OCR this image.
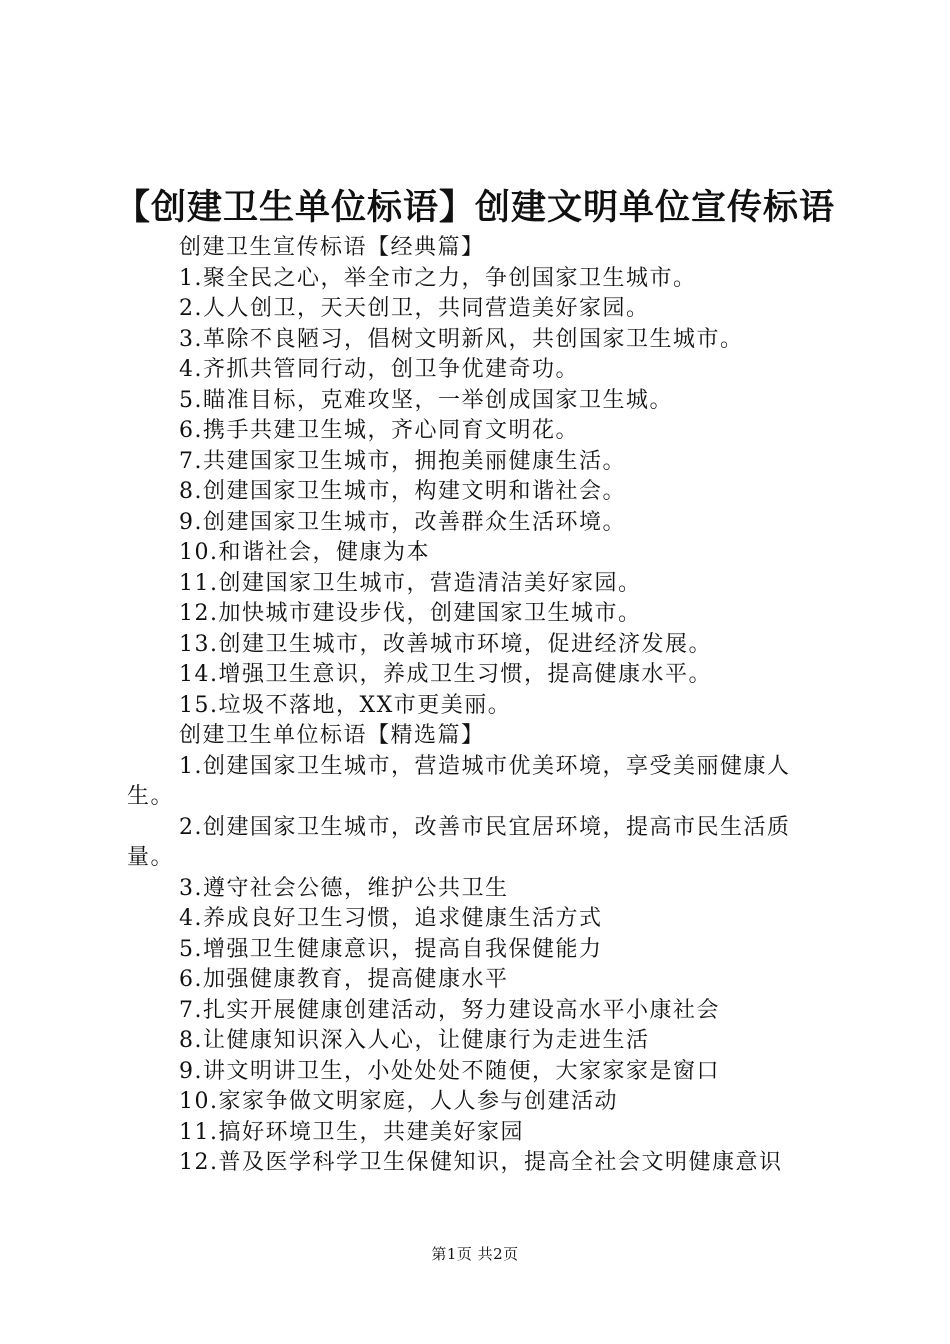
【创建卫生单位标语】创建文明单位宣传标语

创建卫生宣传标语【经典篇】

1.聚全民之心，举全市之力，争创国家卫生城市。

2.人人创卫，天天创卫，共同营造美好家园。

3.革除不良陋习，倡树文明新风，共创国家卫生城市。

4.齐抓共管同行动，创卫争优建奇功。

5.瞄准目标，克难攻坚，一举创成国家卫生城。

6.携手共建卫生城，齐心同育文明花。

7.共建国家卫生城市，拥抱美丽健康生活。

8.创建国家卫生城市，构建文明和谐社会。

9.创建国家卫生城市，改善群众生活环境。

10.和谐社会，健康为本

11.创建国家卫生城市，营造清洁美好家园。

12.加快城市建设步伐，创建国家卫生城市。

13.创建卫生城市，改善城市环境，促进经济发展。

14.增强卫生意识，养成卫生习惯，提高健康水平。

15.垃圾不落地，XX市更美丽。

创建卫生单位标语【精选篇】

1.创建国家卫生城市，营造城市优美环境，享受美丽健康人生。

2.创建国家卫生城市，改善市民宜居环境，提高市民生活质量。

3.遵守社会公德，维护公共卫生

4.养成良好卫生习惯，追求健康生活方式

5.增强卫生健康意识，提高自我保健能力

6.加强健康教育，提高健康水平

7.扎实开展健康创建活动，努力建设高水平小康社会

8.让健康知识深入人心，让健康行为走进生活

9.讲文明讲卫生，小处处处不随便，大家家家是窗口

10.家家争做文明家庭，人人参与创建活动

11.搞好环境卫生，共建美好家园

12.普及医学科学卫生保健知识，提高全社会文明健康意识

第1页 共2页
